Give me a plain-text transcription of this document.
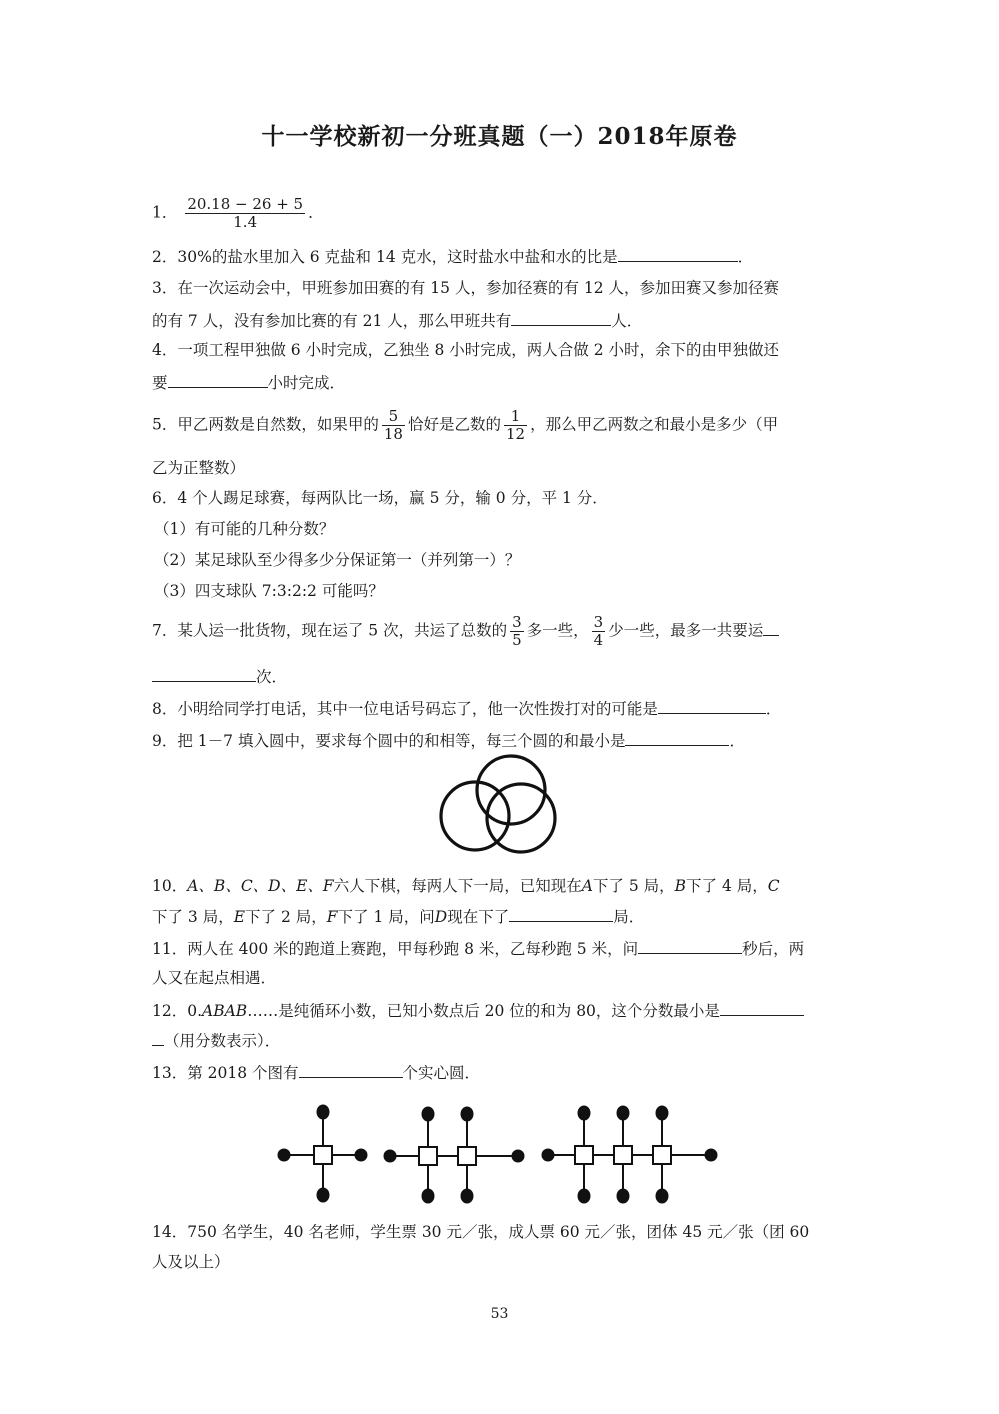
十一学校新初一分班真题（一）2018年原卷
1． $\frac{20.18 - 26 + 5}{1.4}$ ．
2．30%的盐水里加入 6 克盐和 14 克水，这时盐水中盐和水的比是	．
3．在一次运动会中，甲班参加田赛的有 15 人，参加径赛的有 12 人，参加田赛又参加径赛
的有 7 人，没有参加比赛的有 21 人，那么甲班共有	人．
4．一项工程甲独做 6 小时完成，乙独坐 8 小时完成，两人合做 2 小时，余下的由甲独做还
要	小时完成．
5．甲乙两数是自然数，如果甲的 $\frac{5}{18}$ 恰好是乙数的 $\frac{1}{12}$ ，那么甲乙两数之和最小是多少（甲
乙为正整数）
6．4 个人踢足球赛，每两队比一场，赢 5 分，输 0 分，平 1 分．
（1）有可能的几种分数？
（2）某足球队至少得多少分保证第一（并列第一）？
（3）四支球队 7:3:2:2 可能吗？
7．某人运一批货物，现在运了 5 次，共运了总数的 $\frac{3}{5}$ 多一些， $\frac{3}{4}$ 少一些，最多一共要运
次．
8．小明给同学打电话，其中一位电话号码忘了，他一次性拨打对的可能是	．
9．把 1－7 填入圆中，要求每个圆中的和相等，每三个圆的和最小是	．
10．A、B、C、D、E、F六人下棋，每两人下一局，已知现在A下了 5 局，B下了 4 局，C
下了 3 局，E下了 2 局，F下了 1 局，问D现在下了	局．
11．两人在 400 米的跑道上赛跑，甲每秒跑 8 米，乙每秒跑 5 米，问	秒后，两
人又在起点相遇．
12．0.ABAB……是纯循环小数，已知小数点后 20 位的和为 80，这个分数最小是
（用分数表示）．
13．第 2018 个图有	个实心圆．
14．750 名学生，40 名老师，学生票 30 元／张，成人票 60 元／张，团体 45 元／张（团 60
人及以上）
53
